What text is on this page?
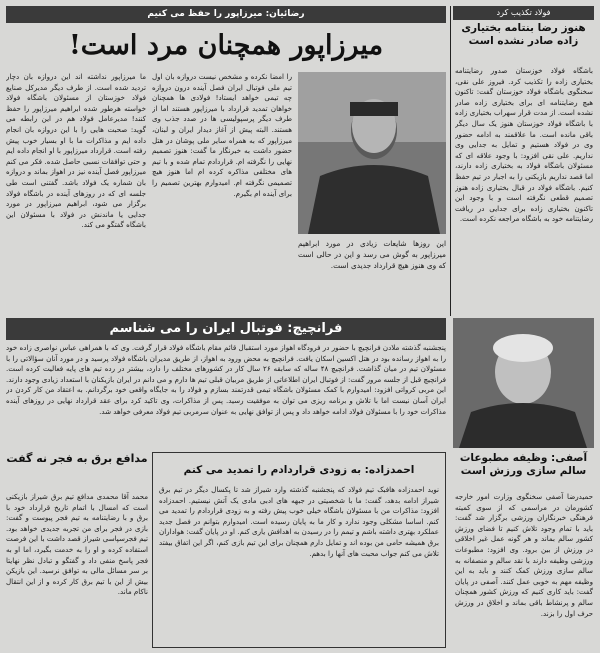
رضائیان: میرزاپور را حفظ می کنیم
میرزاپور همچنان مرد است!
ما میرزاپور نداشته اند این دروازه بان دچار تردید شده است. از طرف دیگر مدیرکل صنایع فولاد خوزستان از مسئولان باشگاه فولاد خواسته هرطور شده ابراهیم میرزاپور را حفظ کنند! مدیرعامل فولاد هم در این رابطه می گوید: صحبت هایی را با این دروازه بان انجام داده ایم و مذاکرات ما با او بسیار خوب پیش رفته است. قرارداد میرزاپور با او انجام داده ایم و حتی توافقات نسبی حاصل شده. فکر می کنم میرزاپور فصل آینده نیز در اهواز بماند و دروازه بان شماره یک فولاد باشد. گفتنی است طی جلسه ای که در روزهای آینده در باشگاه فولاد برگزار می شود، ابراهیم میرزاپور در مورد جدایی یا ماندنش در فولاد با مسئولان این باشگاه گفتگو می کند.
را امضا نکرده و مشخص نیست دروازه بان اول تیم ملی فوتبال ایران فصل آینده درون دروازه چه تیمی خواهد ایستاد! فولادی ها همچنان خواهان تمدید قرارداد با میرزاپور هستند اما از طرف دیگر پرسپولیسی ها در صدد جذب وی هستند. البته پیش از آغاز دیدار ایران و لبنان، میرزاپور که به همراه سایر ملی پوشان در هتل حضور داشت به خبرنگار ما گفت: هنوز تصمیم نهایی را نگرفته ام. قراردادم تمام شده و با تیم های مختلفی مذاکره کرده ام اما هنوز هیچ تصمیمی نگرفته ام. امیدوارم بهترین تصمیم را برای آینده ام بگیرم.
این روزها شایعات زیادی در مورد ابراهیم میرزاپور به گوش می رسد و این در حالی است که وی هنوز هیچ قرارداد جدیدی است.
فولاد تکذیب کرد
هنوز رضا بنتامه بختیاری زاده صادر نشده است
باشگاه فولاد خوزستان صدور رضایتنامه بختیاری زاده را تکذیب کرد. فیروز علی نقی، سخنگوی باشگاه فولاد خوزستان گفت: تاکنون هیچ رضایتنامه ای برای بختیاری زاده صادر نشده است. از مدت قرار سهراب بختیاری زاده با باشگاه فولاد خوزستان هنوز یک سال دیگر باقی مانده است. ما علاقمند به ادامه حضور وی در فولاد هستیم و تمایل به جدایی وی نداریم. علی نقی افزود: با وجود علاقه ای که مسئولان باشگاه فولاد به بختیاری زاده دارند، اما قصد نداریم بازیکنی را به اجبار در تیم حفظ کنیم. باشگاه فولاد در قبال بختیاری زاده هنوز تصمیم قطعی نگرفته است و با وجود این تاکنون بختیاری زاده برای جدایی در ریافت رضایتنامه خود به باشگاه مراجعه نکرده است.
فرانچیچ: فوتبال ایران را می شناسم
پنجشنبه گذشته ملادن فرانچیچ با حضور در فرودگاه اهواز مورد استقبال قائم مقام باشگاه فولاد قرار گرفت. وی که با همراهی عباس نواصری زاده خود را به اهواز رسانده بود در هتل اکسین اسکان یافت. فرانچیچ به محض ورود به اهواز، از طریق مدیران باشگاه فولاد پرسید و در مورد آنان سؤالاتی را با مسئولان تیم در میان گذاشت. فرانچیچ ۴۸ ساله که سابقه ۲۶ سال کار در کشورهای مختلف را دارد، بیشتر در رده تیم های پایه فعالیت کرده است. فرانچیچ قبل از جلسه مرور گفت: از فوتبال ایران اطلاعاتی از طریق مربیان قبلی تیم ها دارم و می دانم در ایران بازیکنان با استعداد زیادی وجود دارند. این مربی کرواتی افزود: امیدوارم با کمک مسئولان باشگاه تیمی قدرتمند بسازم و فولاد را به جایگاه واقعی خود برگردانم. به اعتقاد من کار کردن در ایران آسان نیست اما با تلاش و برنامه ریزی می توان به موفقیت رسید. پس از مذاکرات، وی تاکید کرد برای عقد قرارداد نهایی در روزهای آینده مذاکرات خود را با مسئولان فولاد ادامه خواهد داد و پس از توافق نهایی به عنوان سرمربی تیم فولاد معرفی خواهد شد.
آصفی: وظیفه مطبوعات سالم سازی ورزش است
حمیدرضا آصفی سخنگوی وزارت امور خارجه کشورمان در مراسمی که از سوی کمیته فرهنگی خبرنگاران ورزشی برگزار شد گفت: باید با تمام وجود تلاش کنیم تا فضای ورزش کشور سالم بماند و هر گونه عمل غیر اخلاقی در ورزش از بین برود. وی افزود: مطبوعات ورزشی وظیفه دارند با نقد سالم و منصفانه به سالم سازی ورزش کمک کنند و باید به این وظیفه مهم به خوبی عمل کنند. آصفی در پایان گفت: باید کاری کنیم که ورزش کشور همچنان سالم و پرنشاط باقی بماند و اخلاق در ورزش حرف اول را بزند.
مدافع برق به فجر نه گفت
محمد آقا محمدی مدافع تیم برق شیراز بازیکنی است که امسال با اتمام تاریخ قرارداد خود با برق و با رضایتنامه به تیم فجر پیوست و گفت: بازی در فجر برای من تجربه جدیدی خواهد بود. تیم فجرسپاسی شیراز قصد داشت با این فرصت استفاده کرده و او را به خدمت بگیرد، اما او به فجر پاسخ منفی داد و گفتگو و تبادل نظر نهایتا بر سر مسائل مالی به توافق نرسید. این بازیکن بیش از این با تیم برق کار کرده و از این انتقال ناکام ماند.
احمدزاده: به زودی قراردادم را تمدید می کنم
نوید احمدزاده هافبک تیم فولاد که پنجشنبه گذشته وارد شیراز شد تا پکسال دیگر در تیم برق شیراز ادامه بدهد، گفت: ما با شخصیتی در جبهه های ادبی مادی یک آتش نیستیم. احمدزاده افزود: مذاکرات من با مسئولان باشگاه خیلی خوب پیش رفته و به زودی قراردادم را تمدید می کنم. اساسا مشکلی وجود ندارد و کار ما به پایان رسیده است. امیدوارم بتوانم در فصل جدید عملکرد بهتری داشته باشم و تیمم را در رسیدن به اهدافش یاری کنم. او در پایان گفت: هواداران برق همیشه حامی من بوده اند و تمایل دارم همچنان برای این تیم بازی کنم، اگر این اتفاق بیفتد تلاش می کنم جواب محبت های آنها را بدهم.
